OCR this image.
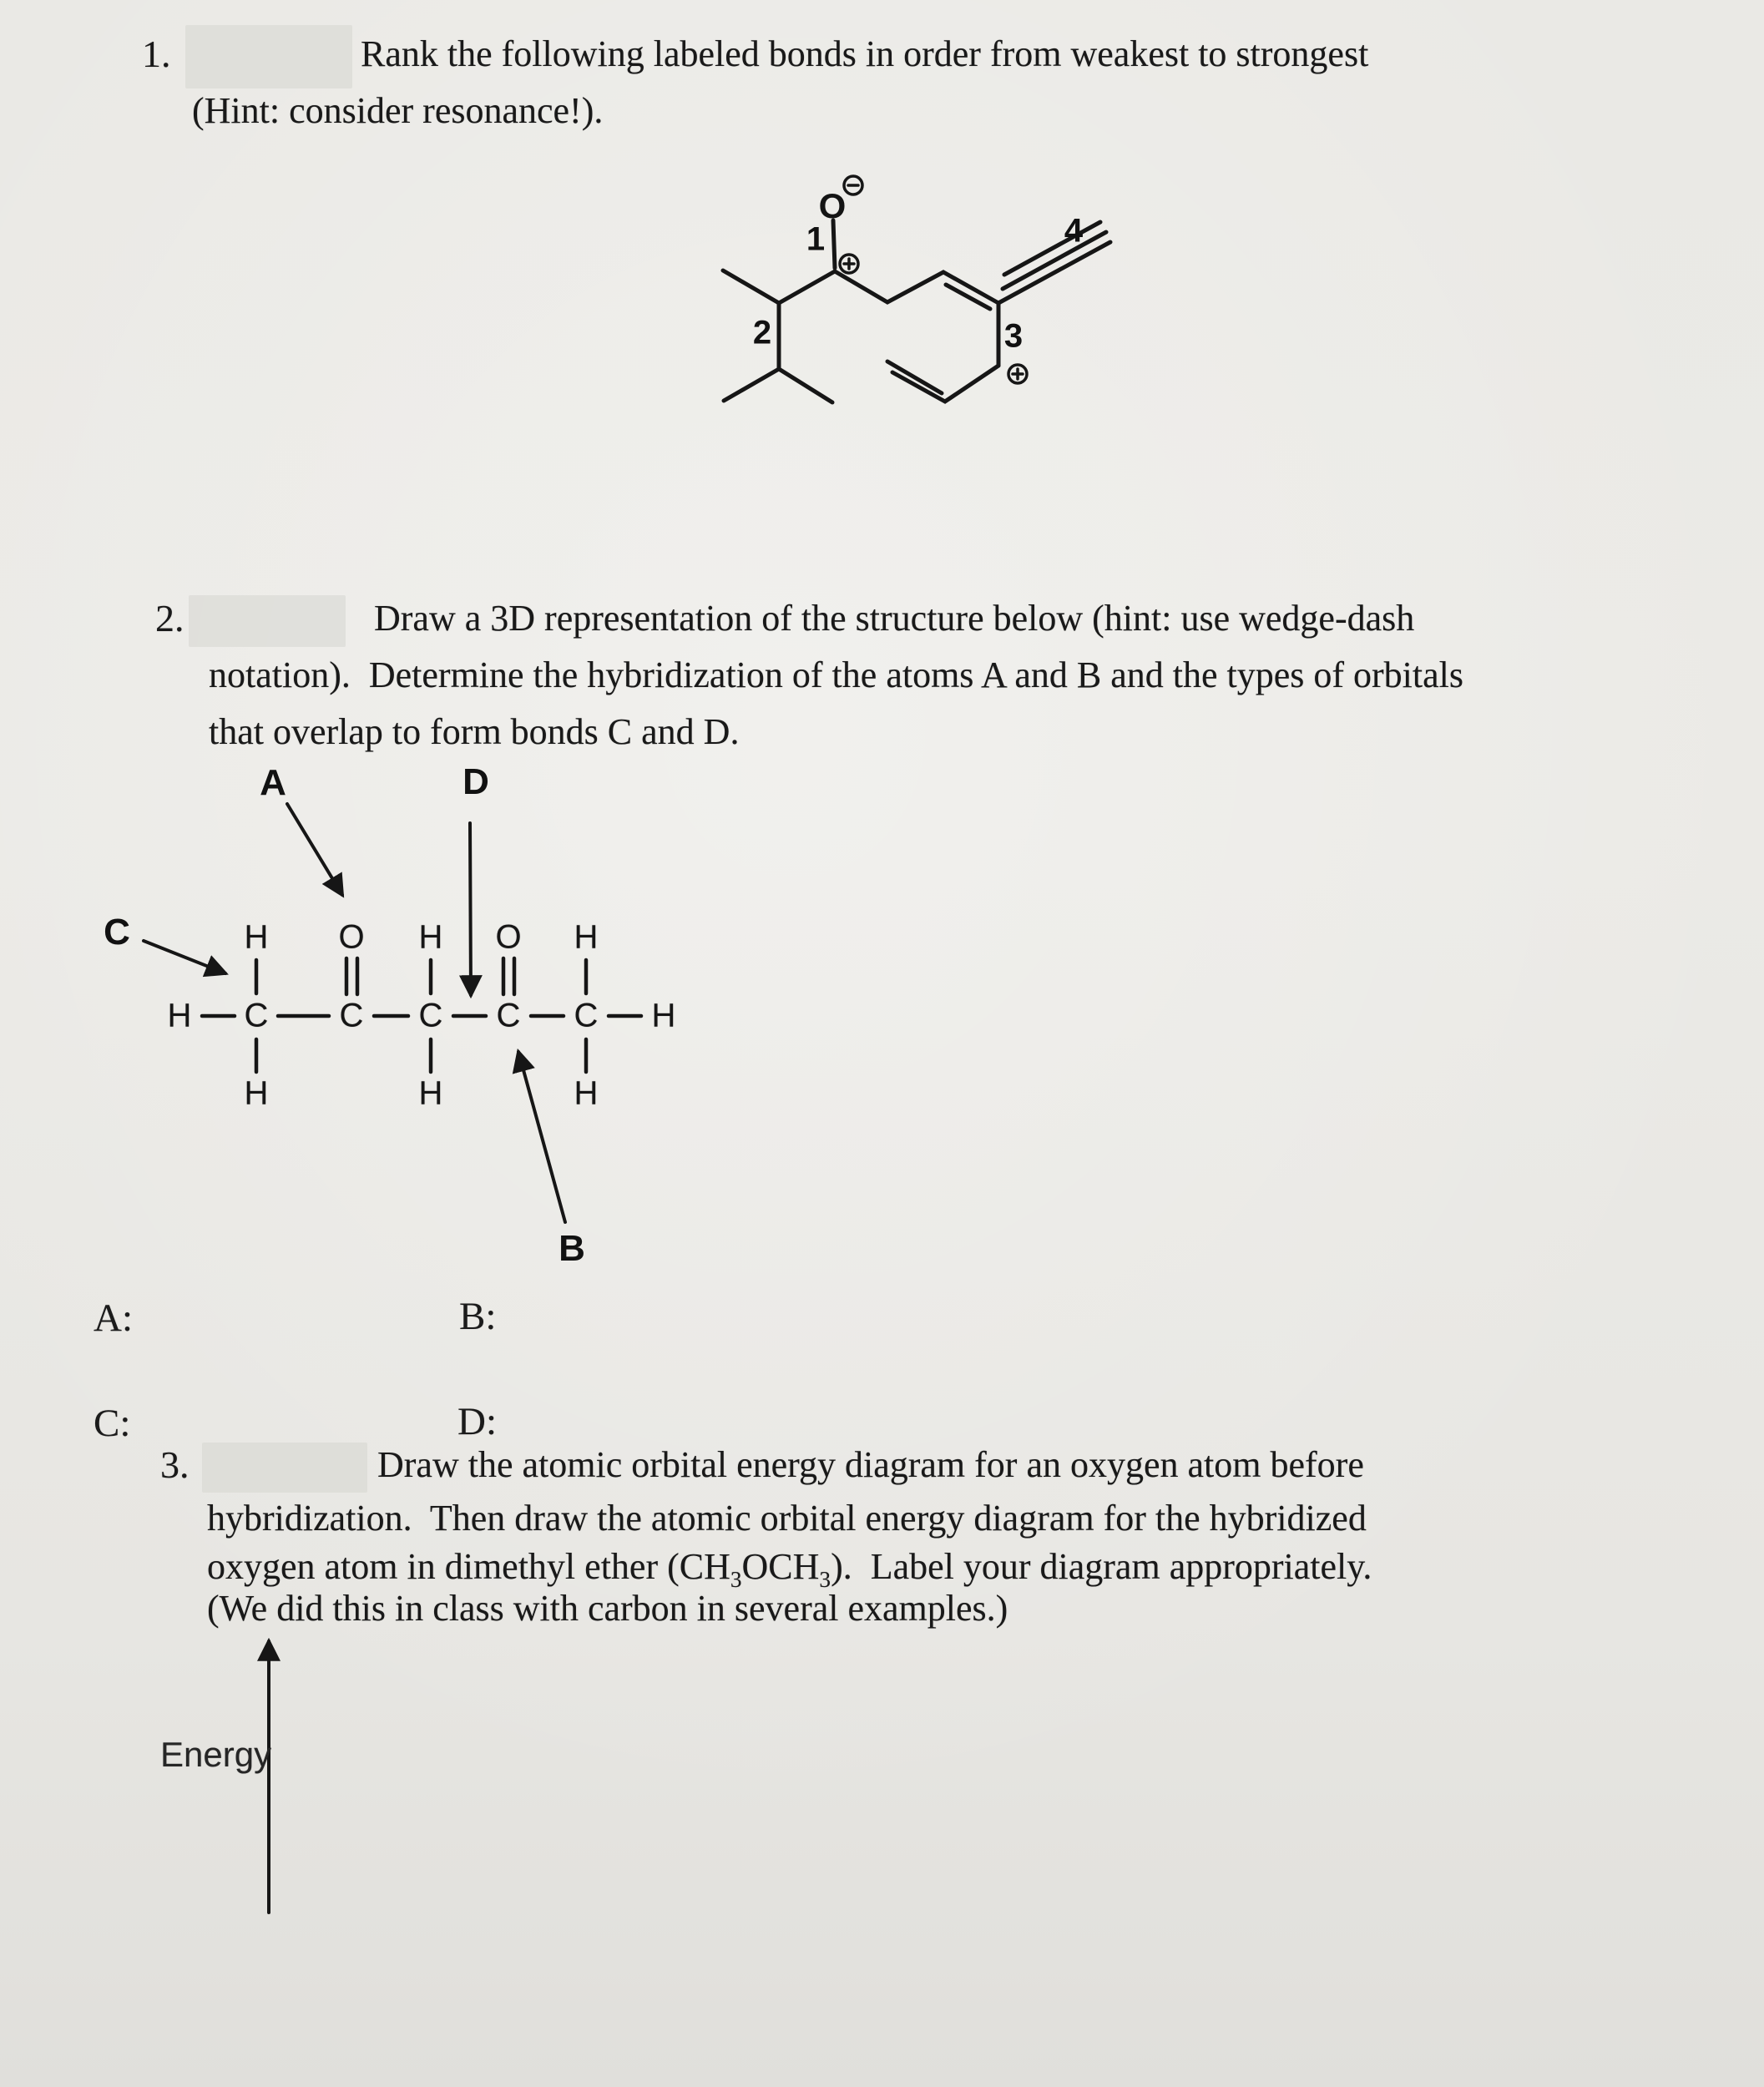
1.	Rank the following labeled bonds in order from weakest to strongest
(Hint: consider resonance!).
2.	Draw a 3D representation of the structure below (hint: use wedge-dash
notation).  Determine the hybridization of the atoms A and B and the types of orbitals
that overlap to form bonds C and D.
A:	B:
C:	D:
3.	Draw the atomic orbital energy diagram for an oxygen atom before
hybridization.  Then draw the atomic orbital energy diagram for the hybridized
oxygen atom in dimethyl ether $(CH_3OCH_3)$.  Label your diagram appropriately.
(We did this in class with carbon in several examples.)
O
1
2	3
4
H O H O H
H C C C C C H
H	H	H
A	D
C
B
Energy
